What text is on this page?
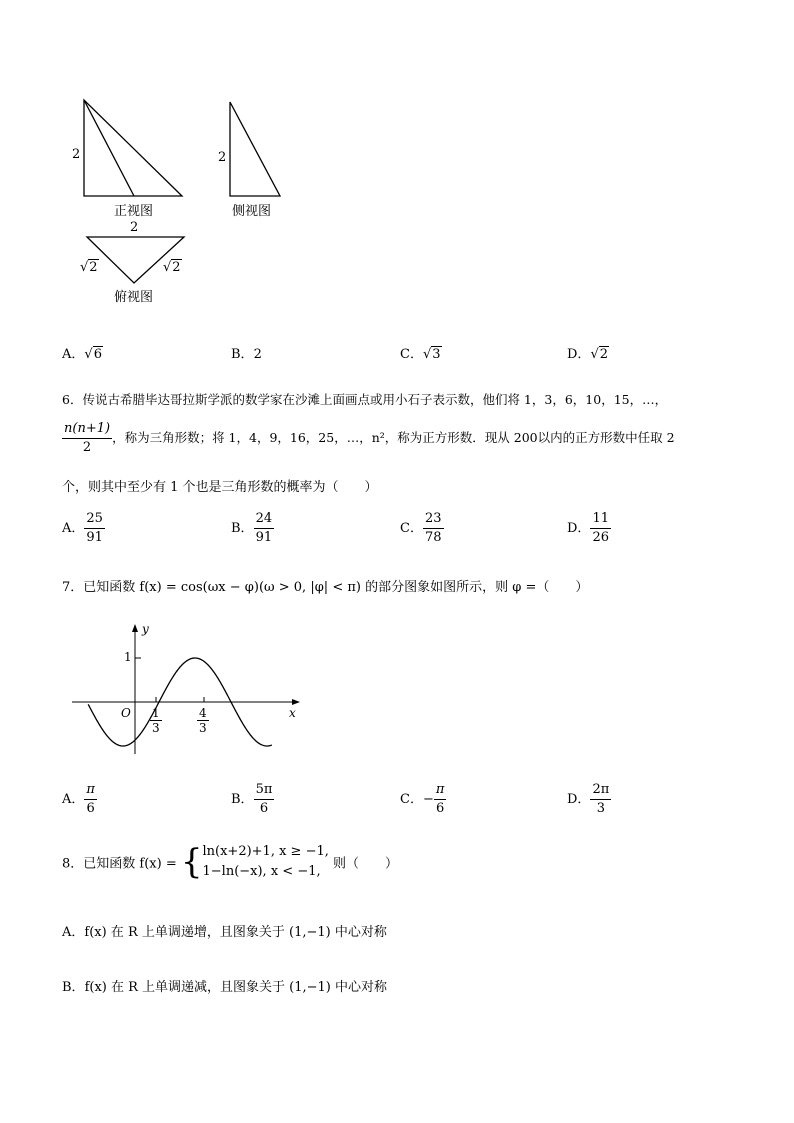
2
正视图
2
侧视图
2
√2	√2
俯视图
A．√6	B．2	C．√3	D．√2
6．传说古希腊毕达哥拉斯学派的数学家在沙滩上面画点或用小石子表示数，他们将 1，3，6，10，15，…，
$\frac{n(n+1)}{2}$ ，称为三角形数；将 1，4，9，16，25，…，n²，称为正方形数．现从 200以内的正方形数中任取 2
个，则其中至少有 1 个也是三角形数的概率为（　　）
A． $\frac{25}{91}$	B． $\frac{24}{91}$	C． $\frac{23}{78}$	D． $\frac{11}{26}$
7．已知函数 f(x) = cos(ωx − φ)(ω > 0, |φ| < π) 的部分图象如图所示，则 φ =（　　）
y
x
O
1
$\frac{1}{3}$	$\frac{4}{3}$
A． $\frac{\pi}{6}$	B． $\frac{5\pi}{6}$	C．− $\frac{\pi}{6}$	D． $\frac{2\pi}{3}$
8．已知函数 f(x) = { ln(x+2)+1, x ≥ −1,
1−ln(−x), x < −1, 则（　　）
A．f(x) 在 R 上单调递增，且图象关于 (1,−1) 中心对称
B．f(x) 在 R 上单调递减，且图象关于 (1,−1) 中心对称
